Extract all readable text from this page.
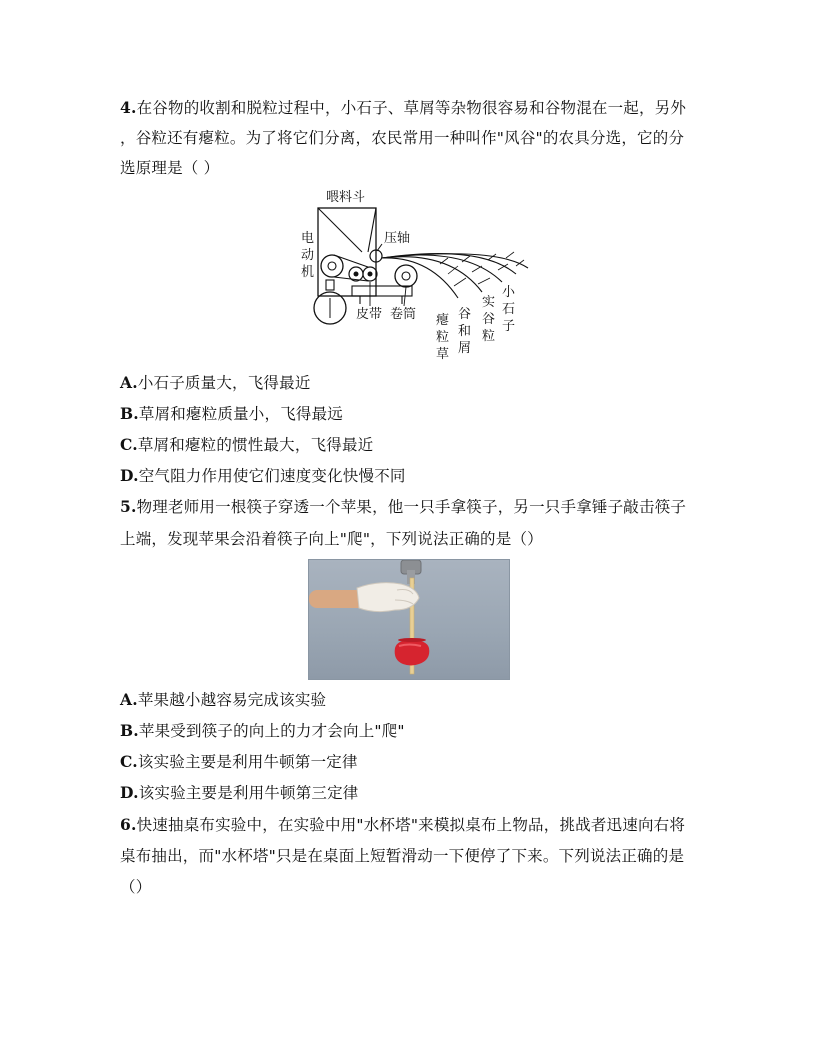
4.在谷物的收割和脱粒过程中，小石子、草屑等杂物很容易和谷物混在一起，另外
，谷粒还有瘪粒。为了将它们分离，农民常用一种叫作"风谷"的农具分选，它的分
选原理是（ ）
喂料斗
电
动
机
压轴
皮带 卷筒 瘪
粒
草
谷
和
屑
实
谷
粒
小
石
子
A.小石子质量大，飞得最近
B.草屑和瘪粒质量小，飞得最远
C.草屑和瘪粒的惯性最大，飞得最近
D.空气阻力作用使它们速度变化快慢不同
5.物理老师用一根筷子穿透一个苹果，他一只手拿筷子，另一只手拿锤子敲击筷子
上端，发现苹果会沿着筷子向上"爬"，下列说法正确的是（）
A.苹果越小越容易完成该实验
B.苹果受到筷子的向上的力才会向上"爬"
C.该实验主要是利用牛顿第一定律
D.该实验主要是利用牛顿第三定律
6.快速抽桌布实验中，在实验中用"水杯塔"来模拟桌布上物品，挑战者迅速向右将
桌布抽出，而"水杯塔"只是在桌面上短暂滑动一下便停了下来。下列说法正确的是
（）
